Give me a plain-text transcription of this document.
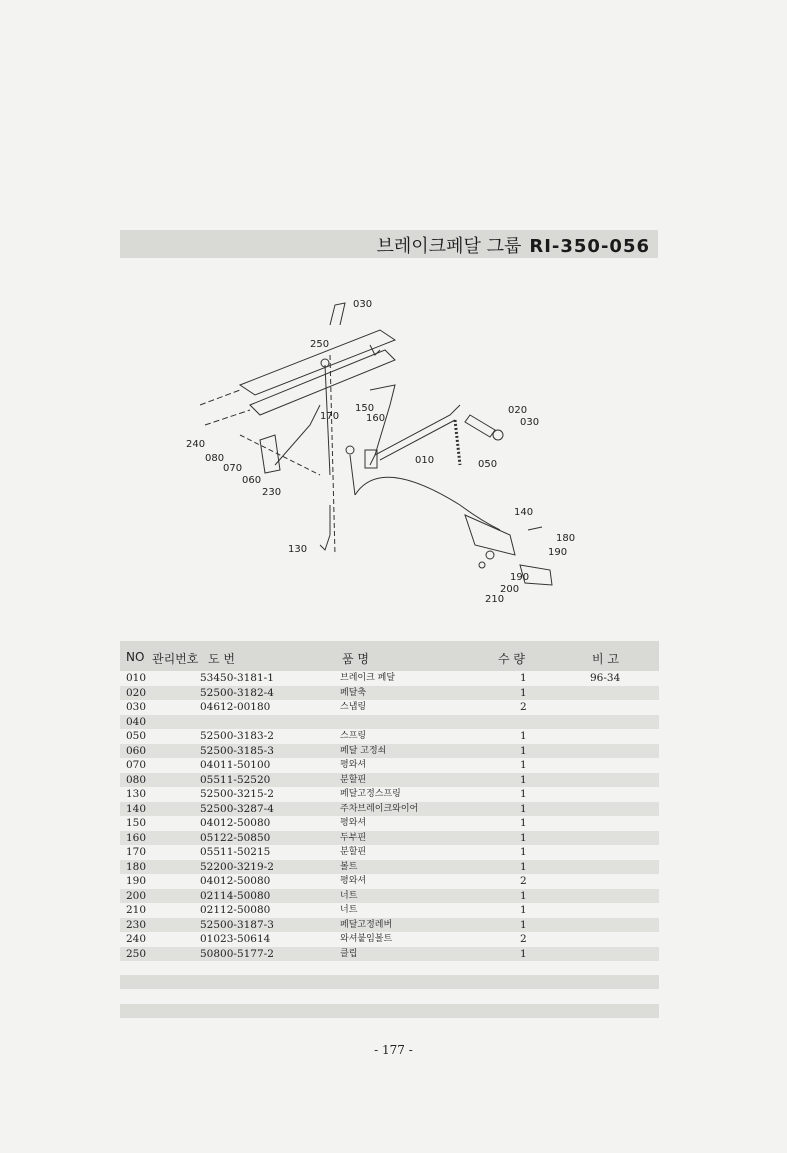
브레이크페달 그룹 RI-350-056
030
250
170
150
160
020
030
240
080
070
060
230
010	050
140
180
190
190
200
210
130
NO 관리번호 도 번	품 명	수 량	비 고
010	53450-3181-1	브레이크 페달	1	96-34
020	52500-3182-4	페달축	1
030	04612-00180	스냅링	2
040
050	52500-3183-2	스프링	1
060	52500-3185-3	페달 고정쇠	1
070	04011-50100	평와셔	1
080	05511-52520	분할핀	1
130	52500-3215-2	페달고정스프링	1
140	52500-3287-4	주차브레이크와이어	1
150	04012-50080	평와셔	1
160	05122-50850	두부핀	1
170	05511-50215	분할핀	1
180	52200-3219-2	볼트	1
190	04012-50080	평와셔	2
200	02114-50080	너트	1
210	02112-50080	너트	1
230	52500-3187-3	페달고정레버	1
240	01023-50614	와셔붙임볼트	2
250	50800-5177-2	클립	1
- 177 -
